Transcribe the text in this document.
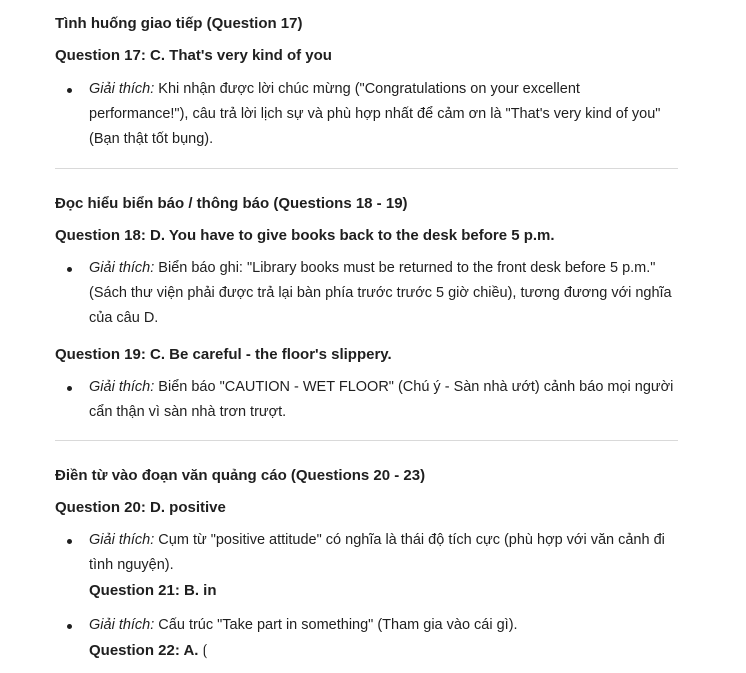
Tình huống giao tiếp (Question 17)

Question 17: C. That's very kind of you

Giải thích: Khi nhận được lời chúc mừng ("Congratulations on your excellent performance!"), câu trả lời lịch sự và phù hợp nhất để cảm ơn là "That's very kind of you" (Bạn thật tốt bụng).

Đọc hiểu biển báo / thông báo (Questions 18 - 19)

Question 18: D. You have to give books back to the desk before 5 p.m.

Giải thích: Biển báo ghi: "Library books must be returned to the front desk before 5 p.m." (Sách thư viện phải được trả lại bàn phía trước trước 5 giờ chiều), tương đương với nghĩa của câu D.

Question 19: C. Be careful - the floor's slippery.

Giải thích: Biển báo "CAUTION - WET FLOOR" (Chú ý - Sàn nhà ướt) cảnh báo mọi người cẩn thận vì sàn nhà trơn trượt.

Điền từ vào đoạn văn quảng cáo (Questions 20 - 23)

Question 20: D. positive

Giải thích: Cụm từ "positive attitude" có nghĩa là thái độ tích cực (phù hợp với văn cảnh đi tình nguyện).
Question 21: B. in
Giải thích: Cấu trúc "Take part in something" (Tham gia vào cái gì).
Question 22: A. ⟮
